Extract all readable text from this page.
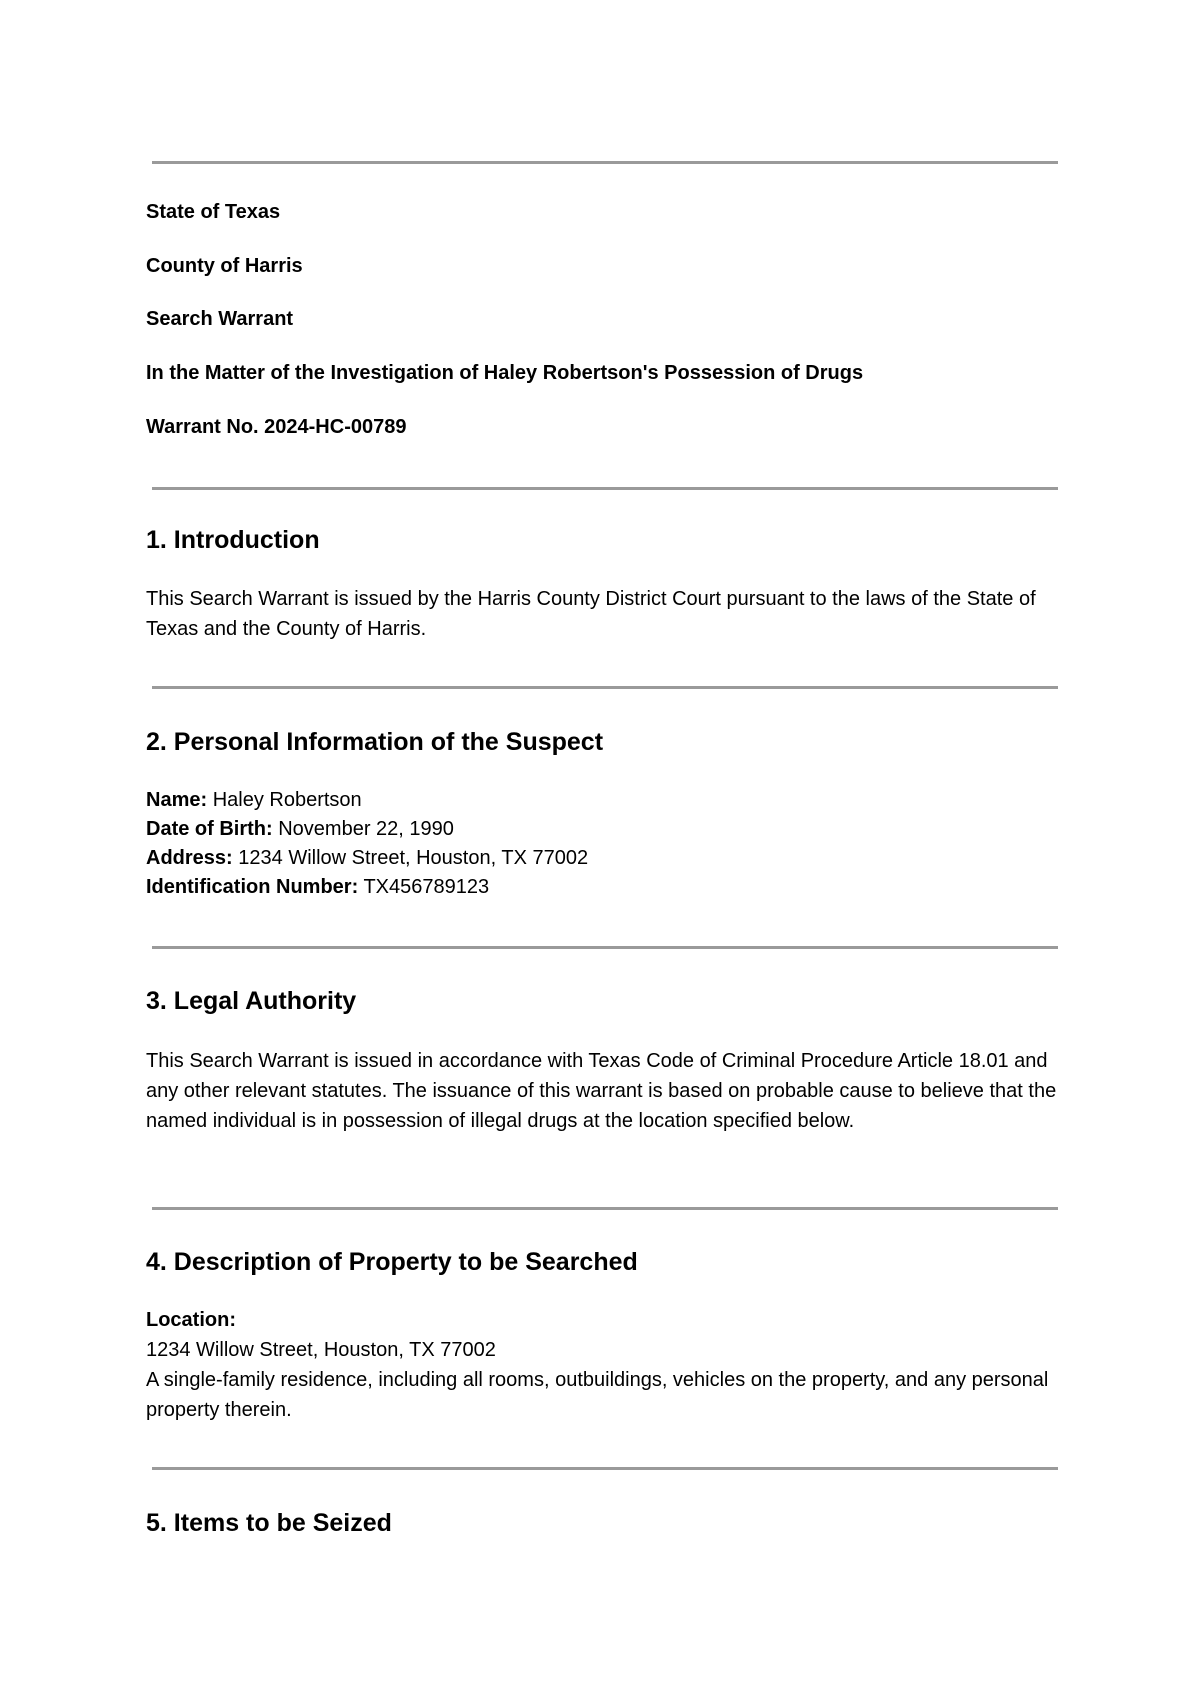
State of Texas

County of Harris

Search Warrant

In the Matter of the Investigation of Haley Robertson's Possession of Drugs

Warrant No. 2024-HC-00789

1. Introduction

This Search Warrant is issued by the Harris County District Court pursuant to the laws of the State of Texas and the County of Harris.

2. Personal Information of the Suspect
Name: Haley Robertson
Date of Birth: November 22, 1990
Address: 1234 Willow Street, Houston, TX 77002
Identification Number: TX456789123
3. Legal Authority

This Search Warrant is issued in accordance with Texas Code of Criminal Procedure Article 18.01 and any other relevant statutes. The issuance of this warrant is based on probable cause to believe that the named individual is in possession of illegal drugs at the location specified below.

4. Description of Property to be Searched
Location:

1234 Willow Street, Houston, TX 77002

A single-family residence, including all rooms, outbuildings, vehicles on the property, and any personal property therein.

5. Items to be Seized
